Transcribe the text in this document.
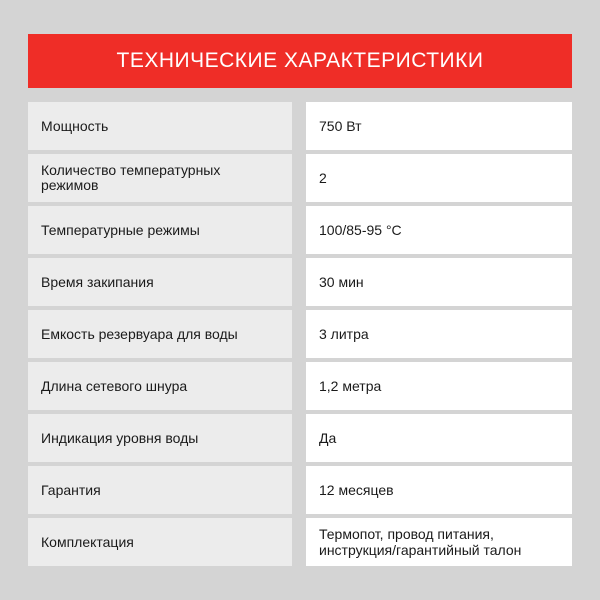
ТЕХНИЧЕСКИЕ ХАРАКТЕРИСТИКИ
Мощность	750 Вт
Количество температурных
режимов	2
Температурные режимы	100/85-95 °С
Время закипания	30 мин
Емкость резервуара для воды	3 литра
Длина сетевого шнура	1,2 метра
Индикация уровня воды	Да
Гарантия	12 месяцев
Комплектация	Термопот, провод питания,
инструкция/гарантийный талон
